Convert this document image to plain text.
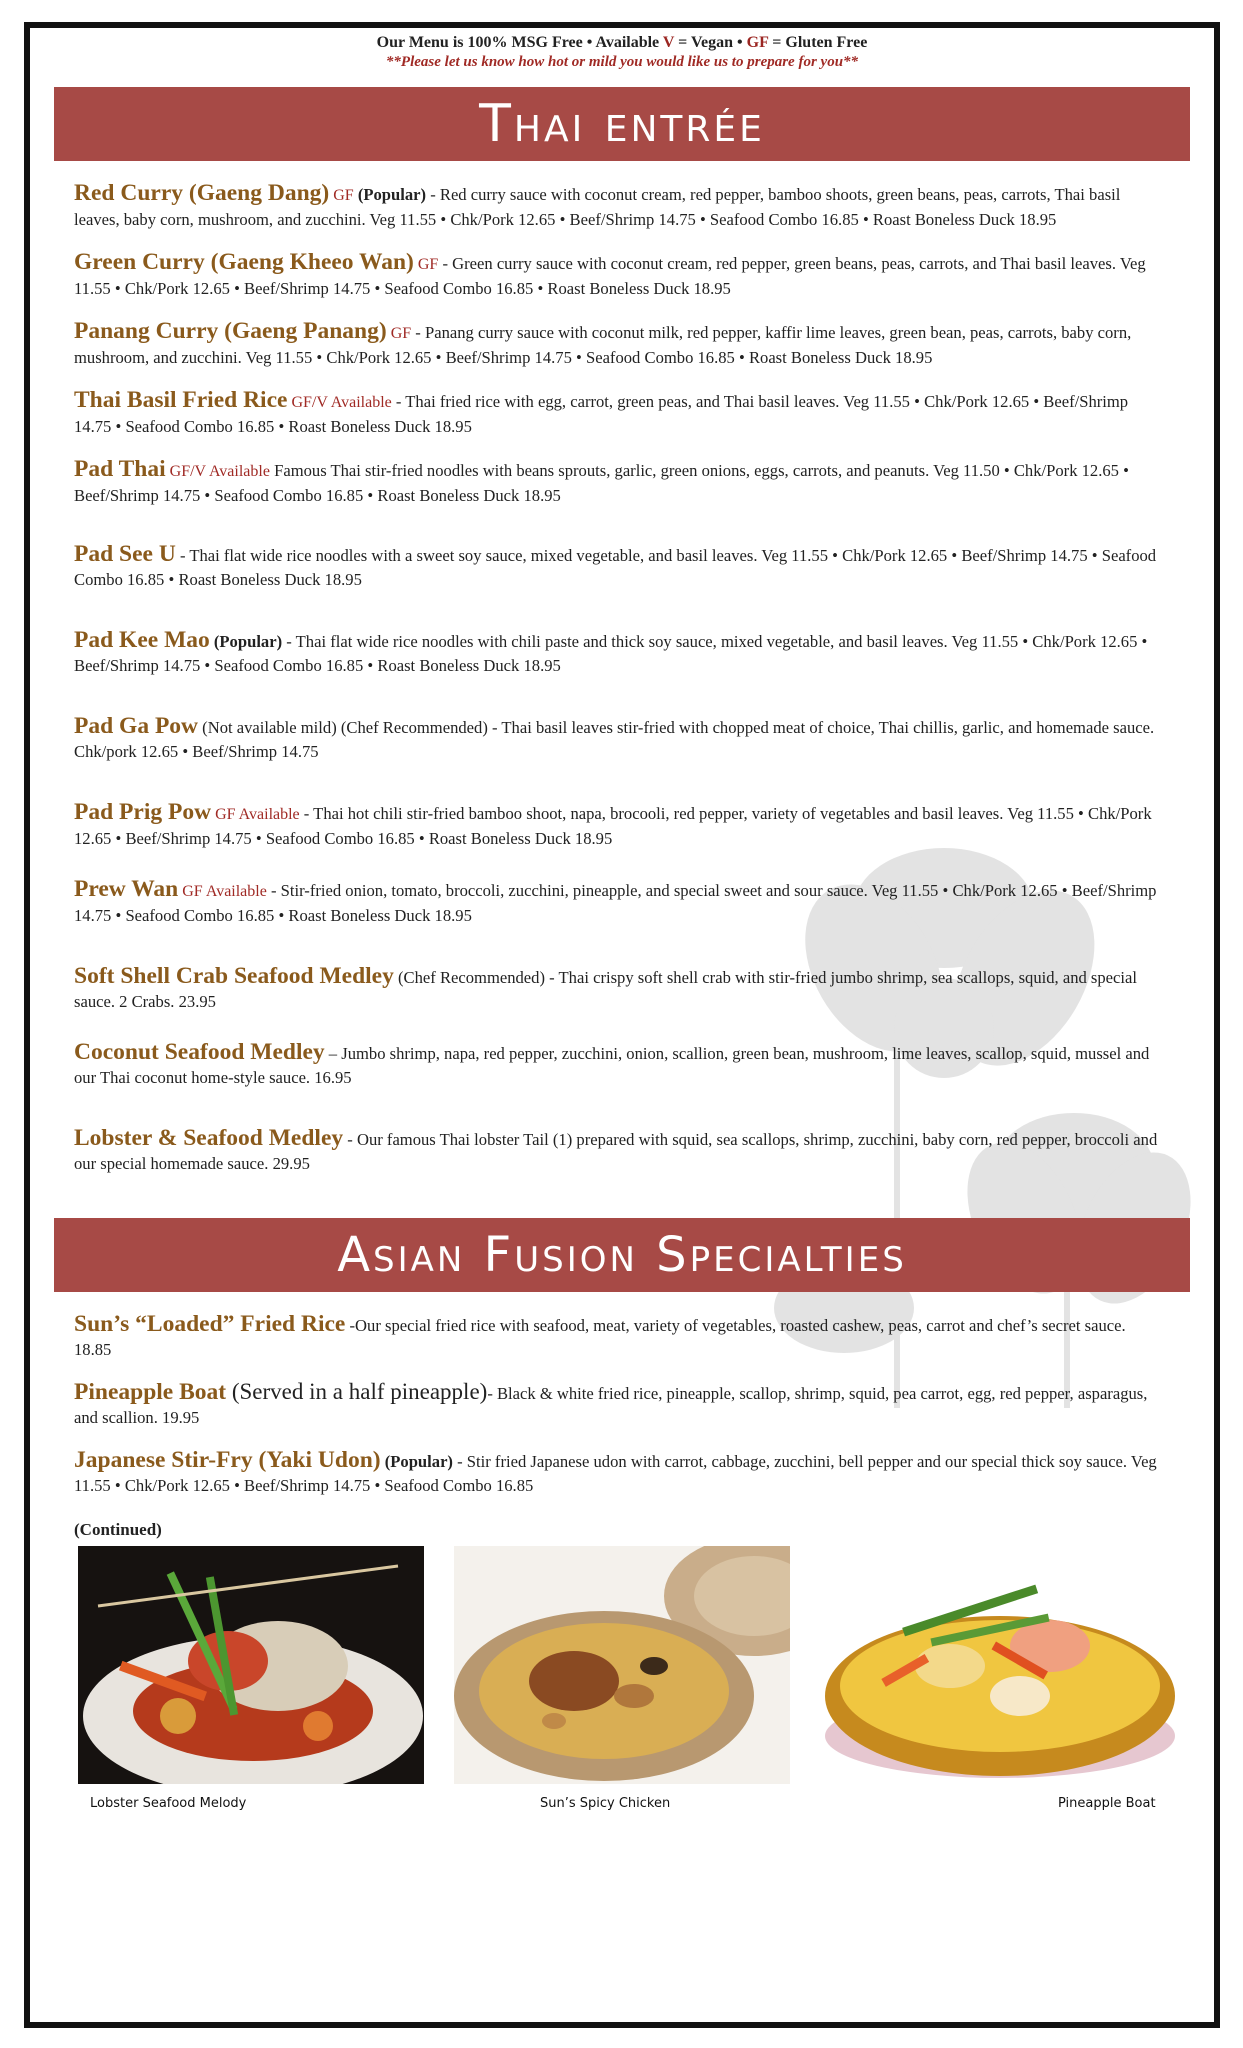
Our Menu is 100% MSG Free • Available V = Vegan • GF = Gluten Free
**Please let us know how hot or mild you would like us to prepare for you**
Thai entrée
Red Curry (Gaeng Dang) GF (Popular) - Red curry sauce with coconut cream, red pepper, bamboo shoots, green beans, peas, carrots, Thai basil leaves, baby corn, mushroom, and zucchini. Veg 11.55 • Chk/Pork 12.65 • Beef/Shrimp 14.75 • Seafood Combo 16.85 • Roast Boneless Duck 18.95
Green Curry (Gaeng Kheeo Wan) GF - Green curry sauce with coconut cream, red pepper, green beans, peas, carrots, and Thai basil leaves. Veg 11.55 • Chk/Pork 12.65 • Beef/Shrimp 14.75 • Seafood Combo 16.85 • Roast Boneless Duck 18.95
Panang Curry (Gaeng Panang) GF - Panang curry sauce with coconut milk, red pepper, kaffir lime leaves, green bean, peas, carrots, baby corn, mushroom, and zucchini. Veg 11.55 • Chk/Pork 12.65 • Beef/Shrimp 14.75 • Seafood Combo 16.85 • Roast Boneless Duck 18.95
Thai Basil Fried Rice GF/V Available - Thai fried rice with egg, carrot, green peas, and Thai basil leaves. Veg 11.55 • Chk/Pork 12.65 • Beef/Shrimp 14.75 • Seafood Combo 16.85 • Roast Boneless Duck 18.95
Pad Thai GF/V Available Famous Thai stir-fried noodles with beans sprouts, garlic, green onions, eggs, carrots, and peanuts. Veg 11.50 • Chk/Pork 12.65 • Beef/Shrimp 14.75 • Seafood Combo 16.85 • Roast Boneless Duck 18.95
Pad See U - Thai flat wide rice noodles with a sweet soy sauce, mixed vegetable, and basil leaves. Veg 11.55 • Chk/Pork 12.65 • Beef/Shrimp 14.75 • Seafood Combo 16.85 • Roast Boneless Duck 18.95
Pad Kee Mao (Popular) - Thai flat wide rice noodles with chili paste and thick soy sauce, mixed vegetable, and basil leaves. Veg 11.55 • Chk/Pork 12.65 • Beef/Shrimp 14.75 • Seafood Combo 16.85 • Roast Boneless Duck 18.95
Pad Ga Pow (Not available mild) (Chef Recommended) - Thai basil leaves stir-fried with chopped meat of choice, Thai chillis, garlic, and homemade sauce. Chk/pork 12.65 • Beef/Shrimp 14.75
Pad Prig Pow GF Available - Thai hot chili stir-fried bamboo shoot, napa, brocooli, red pepper, variety of vegetables and basil leaves. Veg 11.55 • Chk/Pork 12.65 • Beef/Shrimp 14.75 • Seafood Combo 16.85 • Roast Boneless Duck 18.95
Prew Wan GF Available - Stir-fried onion, tomato, broccoli, zucchini, pineapple, and special sweet and sour sauce. Veg 11.55 • Chk/Pork 12.65 • Beef/Shrimp 14.75 • Seafood Combo 16.85 • Roast Boneless Duck 18.95
Soft Shell Crab Seafood Medley (Chef Recommended) - Thai crispy soft shell crab with stir-fried jumbo shrimp, sea scallops, squid, and special sauce. 2 Crabs. 23.95
Coconut Seafood Medley – Jumbo shrimp, napa, red pepper, zucchini, onion, scallion, green bean, mushroom, lime leaves, scallop, squid, mussel and our Thai coconut home-style sauce. 16.95
Lobster & Seafood Medley - Our famous Thai lobster Tail (1) prepared with squid, sea scallops, shrimp, zucchini, baby corn, red pepper, broccoli and our special homemade sauce. 29.95
Asian Fusion Specialties
Sun’s “Loaded” Fried Rice -Our special fried rice with seafood, meat, variety of vegetables, roasted cashew, peas, carrot and chef’s secret sauce. 18.85
Pineapple Boat (Served in a half pineapple)- Black & white fried rice, pineapple, scallop, shrimp, squid, pea carrot, egg, red pepper, asparagus, and scallion. 19.95
Japanese Stir-Fry (Yaki Udon) (Popular) - Stir fried Japanese udon with carrot, cabbage, zucchini, bell pepper and our special thick soy sauce. Veg 11.55 • Chk/Pork 12.65 • Beef/Shrimp 14.75 • Seafood Combo 16.85
(Continued)
Lobster Seafood Melody	Sun’s Spicy Chicken	Pineapple Boat
